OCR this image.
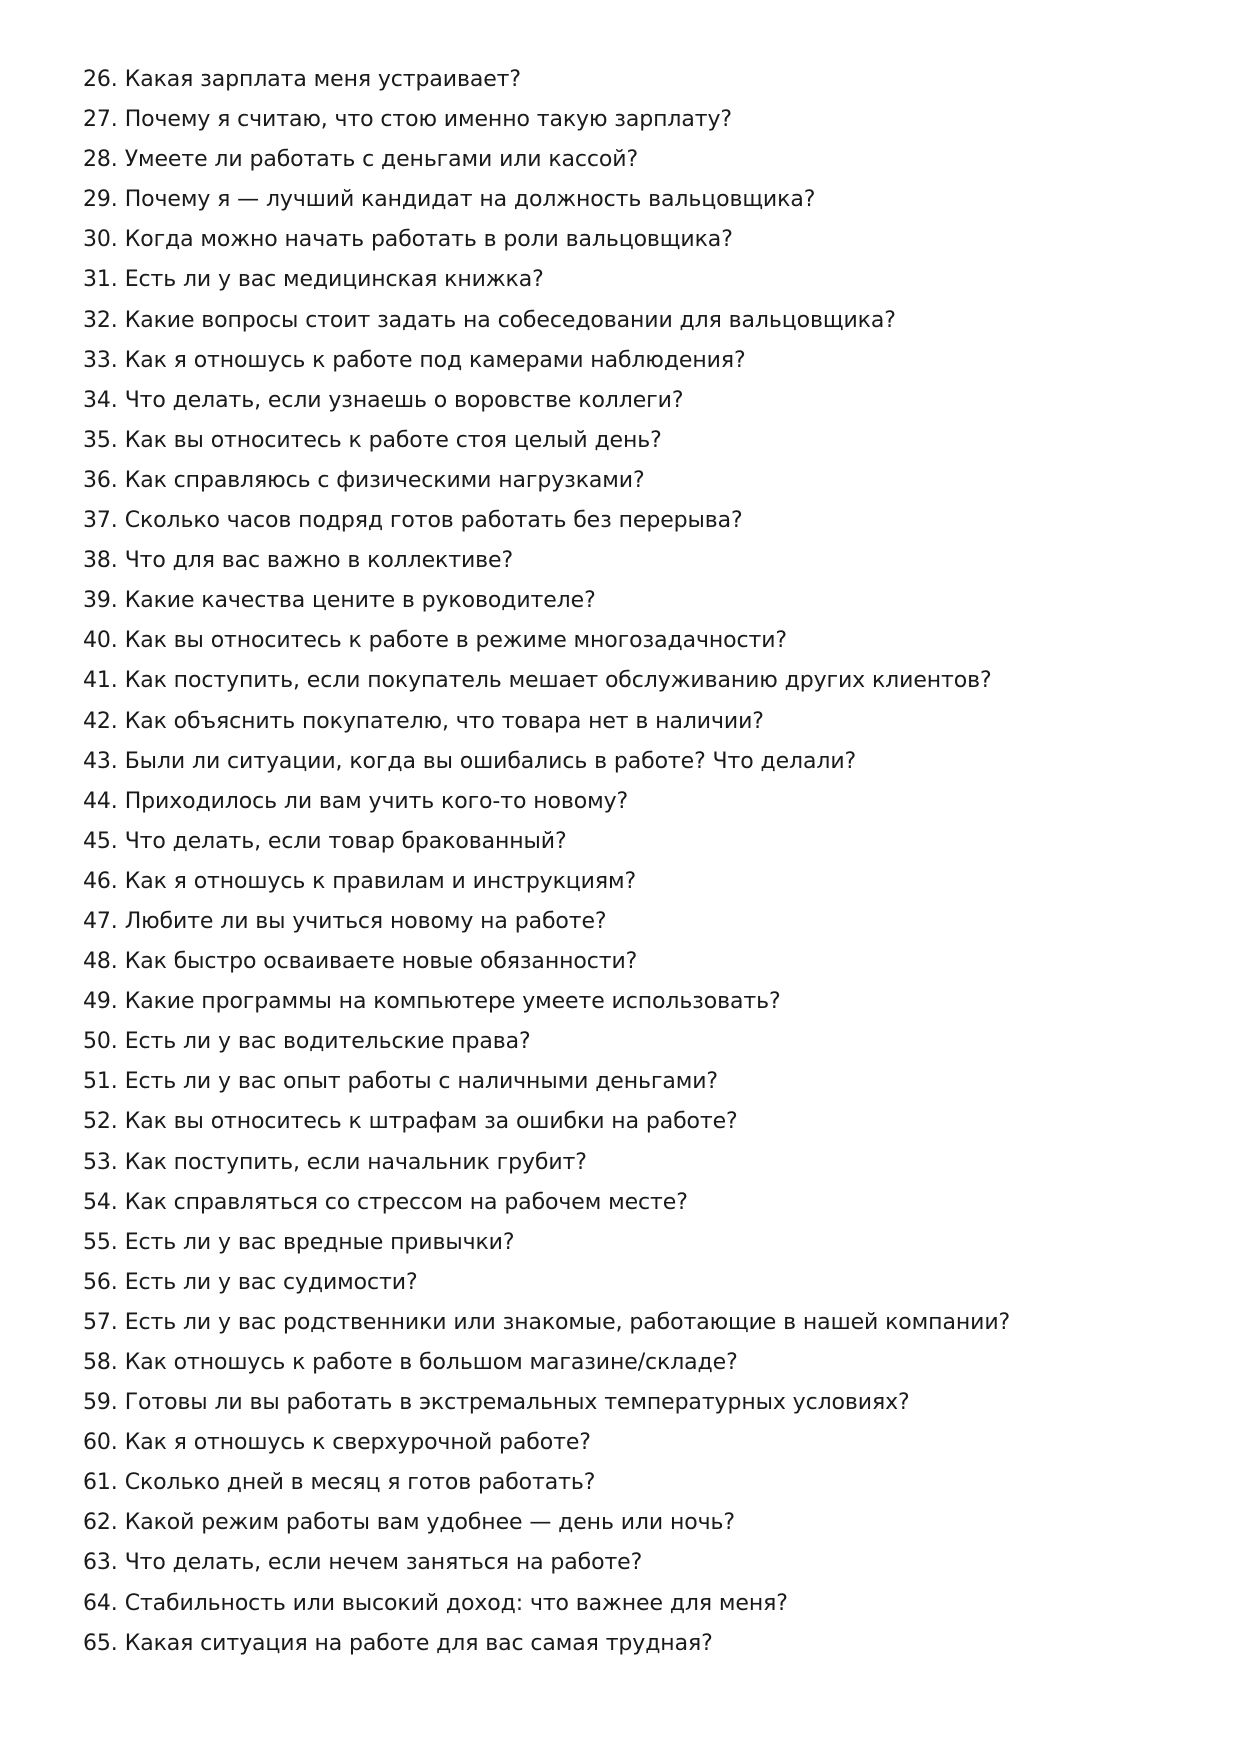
26. Какая зарплата меня устраивает?
27. Почему я считаю, что стою именно такую зарплату?
28. Умеете ли работать с деньгами или кассой?
29. Почему я — лучший кандидат на должность вальцовщика?
30. Когда можно начать работать в роли вальцовщика?
31. Есть ли у вас медицинская книжка?
32. Какие вопросы стоит задать на собеседовании для вальцовщика?
33. Как я отношусь к работе под камерами наблюдения?
34. Что делать, если узнаешь о воровстве коллеги?
35. Как вы относитесь к работе стоя целый день?
36. Как справляюсь с физическими нагрузками?
37. Сколько часов подряд готов работать без перерыва?
38. Что для вас важно в коллективе?
39. Какие качества цените в руководителе?
40. Как вы относитесь к работе в режиме многозадачности?
41. Как поступить, если покупатель мешает обслуживанию других клиентов?
42. Как объяснить покупателю, что товара нет в наличии?
43. Были ли ситуации, когда вы ошибались в работе? Что делали?
44. Приходилось ли вам учить кого-то новому?
45. Что делать, если товар бракованный?
46. Как я отношусь к правилам и инструкциям?
47. Любите ли вы учиться новому на работе?
48. Как быстро осваиваете новые обязанности?
49. Какие программы на компьютере умеете использовать?
50. Есть ли у вас водительские права?
51. Есть ли у вас опыт работы с наличными деньгами?
52. Как вы относитесь к штрафам за ошибки на работе?
53. Как поступить, если начальник грубит?
54. Как справляться со стрессом на рабочем месте?
55. Есть ли у вас вредные привычки?
56. Есть ли у вас судимости?
57. Есть ли у вас родственники или знакомые, работающие в нашей компании?
58. Как отношусь к работе в большом магазине/складе?
59. Готовы ли вы работать в экстремальных температурных условиях?
60. Как я отношусь к сверхурочной работе?
61. Сколько дней в месяц я готов работать?
62. Какой режим работы вам удобнее — день или ночь?
63. Что делать, если нечем заняться на работе?
64. Стабильность или высокий доход: что важнее для меня?
65. Какая ситуация на работе для вас самая трудная?
